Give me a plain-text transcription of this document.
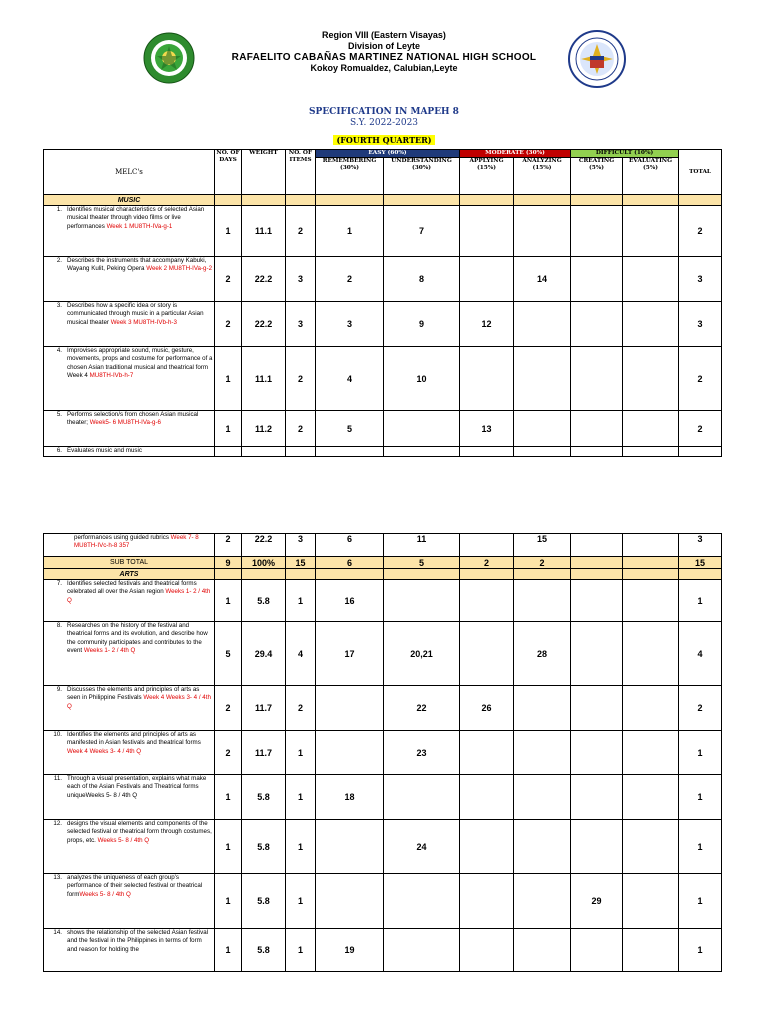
Region VIII (Eastern Visayas)
Division of Leyte
RAFAELITO CABAÑAS MARTINEZ NATIONAL HIGH SCHOOL
Kokoy Romualdez, Calubian,Leyte
SPECIFICATION IN MAPEH 8
S.Y. 2022-2023
(FOURTH QUARTER)
MELC's	NO. OF DAYS	WEIGHT	NO. OF ITEMS	EASY (60%)		MODERATE (30%)		DIFFICULT (10%)		TOTAL
				REMEMBERING (30%)	UNDERSTANDING (30%)	APPLYING (15%)	ANALYZING (15%)	CREATING (5%)	EVALUATING (5%)	
MUSIC										

1. Identifies musical characteristics of selected Asian musical theater through video films or live performances Week 1 MU8TH-IVa-g-1	1	11.1	2	1	7					2

2. Describes the instruments that accompany Kabuki, Wayang Kulit, Peking Opera Week 2 MU8TH-IVa-g-2	2	22.2	3	2	8		14			3

3. Describes how a specific idea or story is communicated through music in a particular Asian musical theater Week 3 MU8TH-IVb-h-3	2	22.2	3	3	9	12				3

4. Improvises appropriate sound, music, gesture, movements, props and costume for performance of a chosen Asian traditional musical and theatrical form Week 4 MU8TH-IVb-h-7	1	11.1	2	4	10					2

5. Performs selection/s from chosen Asian musical theater; Week5- 6 MU8TH-IVa-g-6	1	11.2	2	5		13				2

6. Evaluates music and music										

performances using guided rubrics Week 7- 8 MU8TH-IVc-h-8 357	2	22.2	3	6	11		15			3
SUB TOTAL	9	100%	15	6	5	2	2			15
ARTS										

7. Identifies selected festivals and theatrical forms celebrated all over the Asian region Weeks 1- 2 / 4th Q	1	5.8	1	16						1

8. Researches on the history of the festival and theatrical forms and its evolution, and describe how the community participates and contributes to the event Weeks 1- 2 / 4th Q	5	29.4	4	17	20,21		28			4

9. Discusses the elements and principles of arts as seen in Philippine Festivals Week 4 Weeks 3- 4 / 4th Q	2	11.7	2		22	26				2

10. Identifies the elements and principles of arts as manifested in Asian festivals and theatrical forms Week 4 Weeks 3- 4 / 4th Q	2	11.7	1		23					1

11. Through a visual presentation, explains what make each of the Asian Festivals and Theatrical forms uniqueWeeks 5- 8 / 4th Q	1	5.8	1	18						1

12. designs the visual elements and components of the selected festival or theatrical form through costumes, props, etc. Weeks 5- 8 / 4th Q	1	5.8	1		24					1

13. analyzes the uniqueness of each group's performance of their selected festival or theatrical formWeeks 5- 8 / 4th Q	1	5.8	1					29		1

14. shows the relationship of the selected Asian festival and the festival in the Philippines in terms of form and reason for holding the	1	5.8	1	19						1
